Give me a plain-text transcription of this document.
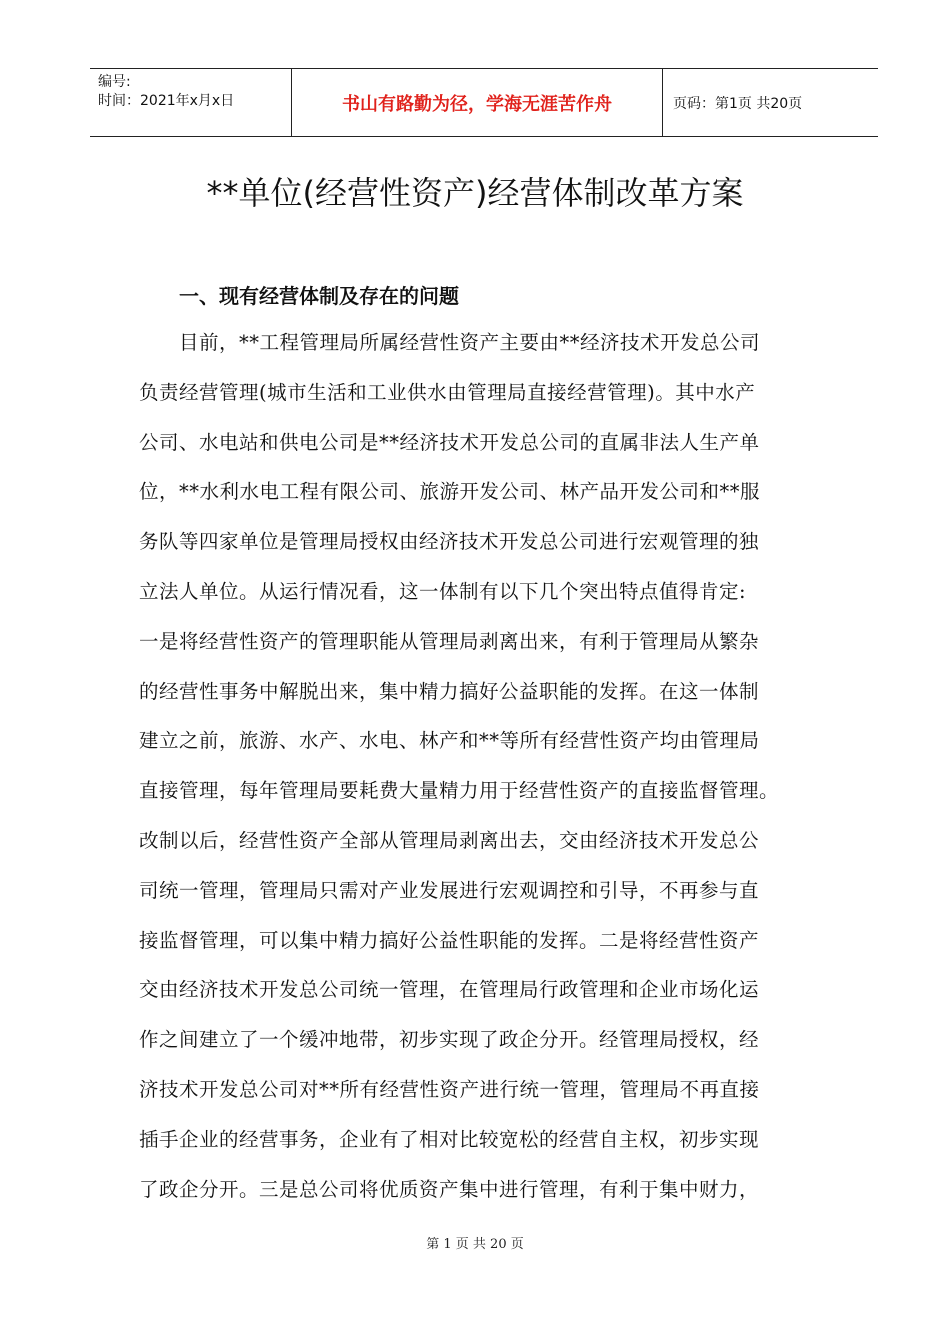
编号:
时间：2021年x月x日	书山有路勤为径，学海无涯苦作舟	页码：第1页 共20页
**单位(经营性资产)经营体制改革方案
一、现有经营体制及存在的问题
　　目前，**工程管理局所属经营性资产主要由**经济技术开发总公司
负责经营管理(城市生活和工业供水由管理局直接经营管理)。其中水产
公司、水电站和供电公司是**经济技术开发总公司的直属非法人生产单
位，**水利水电工程有限公司、旅游开发公司、林产品开发公司和**服
务队等四家单位是管理局授权由经济技术开发总公司进行宏观管理的独
立法人单位。从运行情况看，这一体制有以下几个突出特点值得肯定:
一是将经营性资产的管理职能从管理局剥离出来，有利于管理局从繁杂
的经营性事务中解脱出来，集中精力搞好公益职能的发挥。在这一体制
建立之前，旅游、水产、水电、林产和**等所有经营性资产均由管理局
直接管理，每年管理局要耗费大量精力用于经营性资产的直接监督管理。
改制以后，经营性资产全部从管理局剥离出去，交由经济技术开发总公
司统一管理，管理局只需对产业发展进行宏观调控和引导，不再参与直
接监督管理，可以集中精力搞好公益性职能的发挥。二是将经营性资产
交由经济技术开发总公司统一管理，在管理局行政管理和企业市场化运
作之间建立了一个缓冲地带，初步实现了政企分开。经管理局授权，经
济技术开发总公司对**所有经营性资产进行统一管理，管理局不再直接
插手企业的经营事务，企业有了相对比较宽松的经营自主权，初步实现
了政企分开。三是总公司将优质资产集中进行管理，有利于集中财力，
第 1 页 共 20 页
